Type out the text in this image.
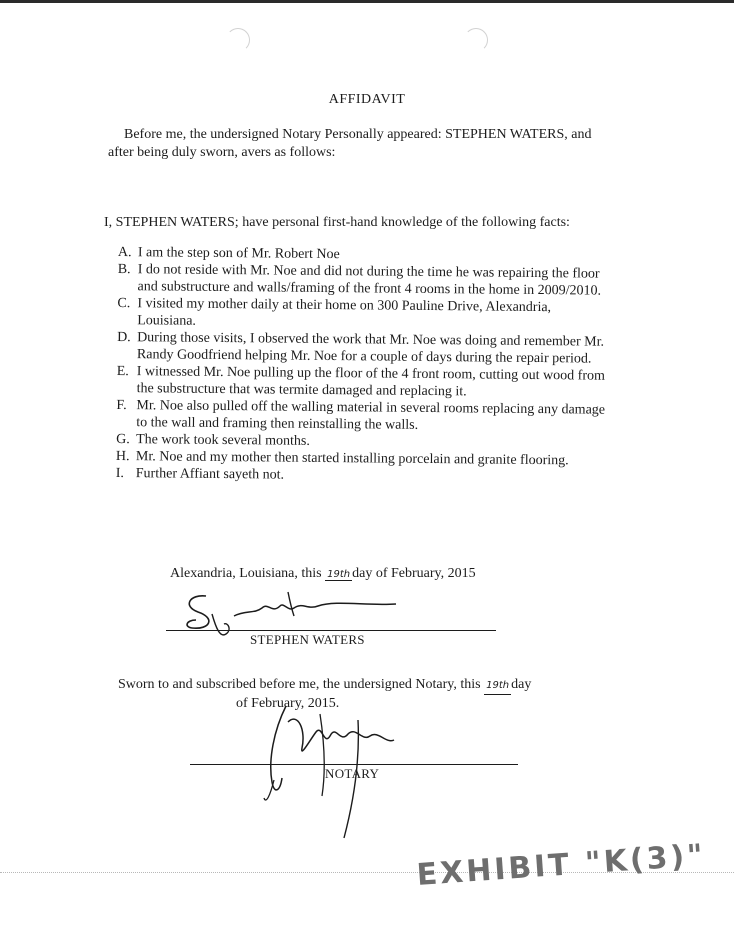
AFFIDAVIT
Before me, the undersigned Notary Personally appeared: STEPHEN WATERS, and
after being duly sworn, avers as follows:
I, STEPHEN WATERS; have personal first-hand knowledge of the following facts:
A. I am the step son of Mr. Robert Noe
B. I do not reside with Mr. Noe and did not during the time he was repairing the floor and substructure and walls/framing of the front 4 rooms in the home in 2009/2010.
C. I visited my mother daily at their home on 300 Pauline Drive, Alexandria, Louisiana.
D. During those visits, I observed the work that Mr. Noe was doing and remember Mr. Randy Goodfriend helping Mr. Noe for a couple of days during the repair period.
E. I witnessed Mr. Noe pulling up the floor of the 4 front room, cutting out wood from the substructure that was termite damaged and replacing it.
F. Mr. Noe also pulled off the walling material in several rooms replacing any damage to the wall and framing then reinstalling the walls.
G. The work took several months.
H. Mr. Noe and my mother then started installing porcelain and granite flooring.
I. Further Affiant sayeth not.
Alexandria, Louisiana, this 19th day of February, 2015
STEPHEN WATERS
Sworn to and subscribed before me, the undersigned Notary, this 19th day
of February, 2015.
NOTARY
EXHIBIT "K(3)"
